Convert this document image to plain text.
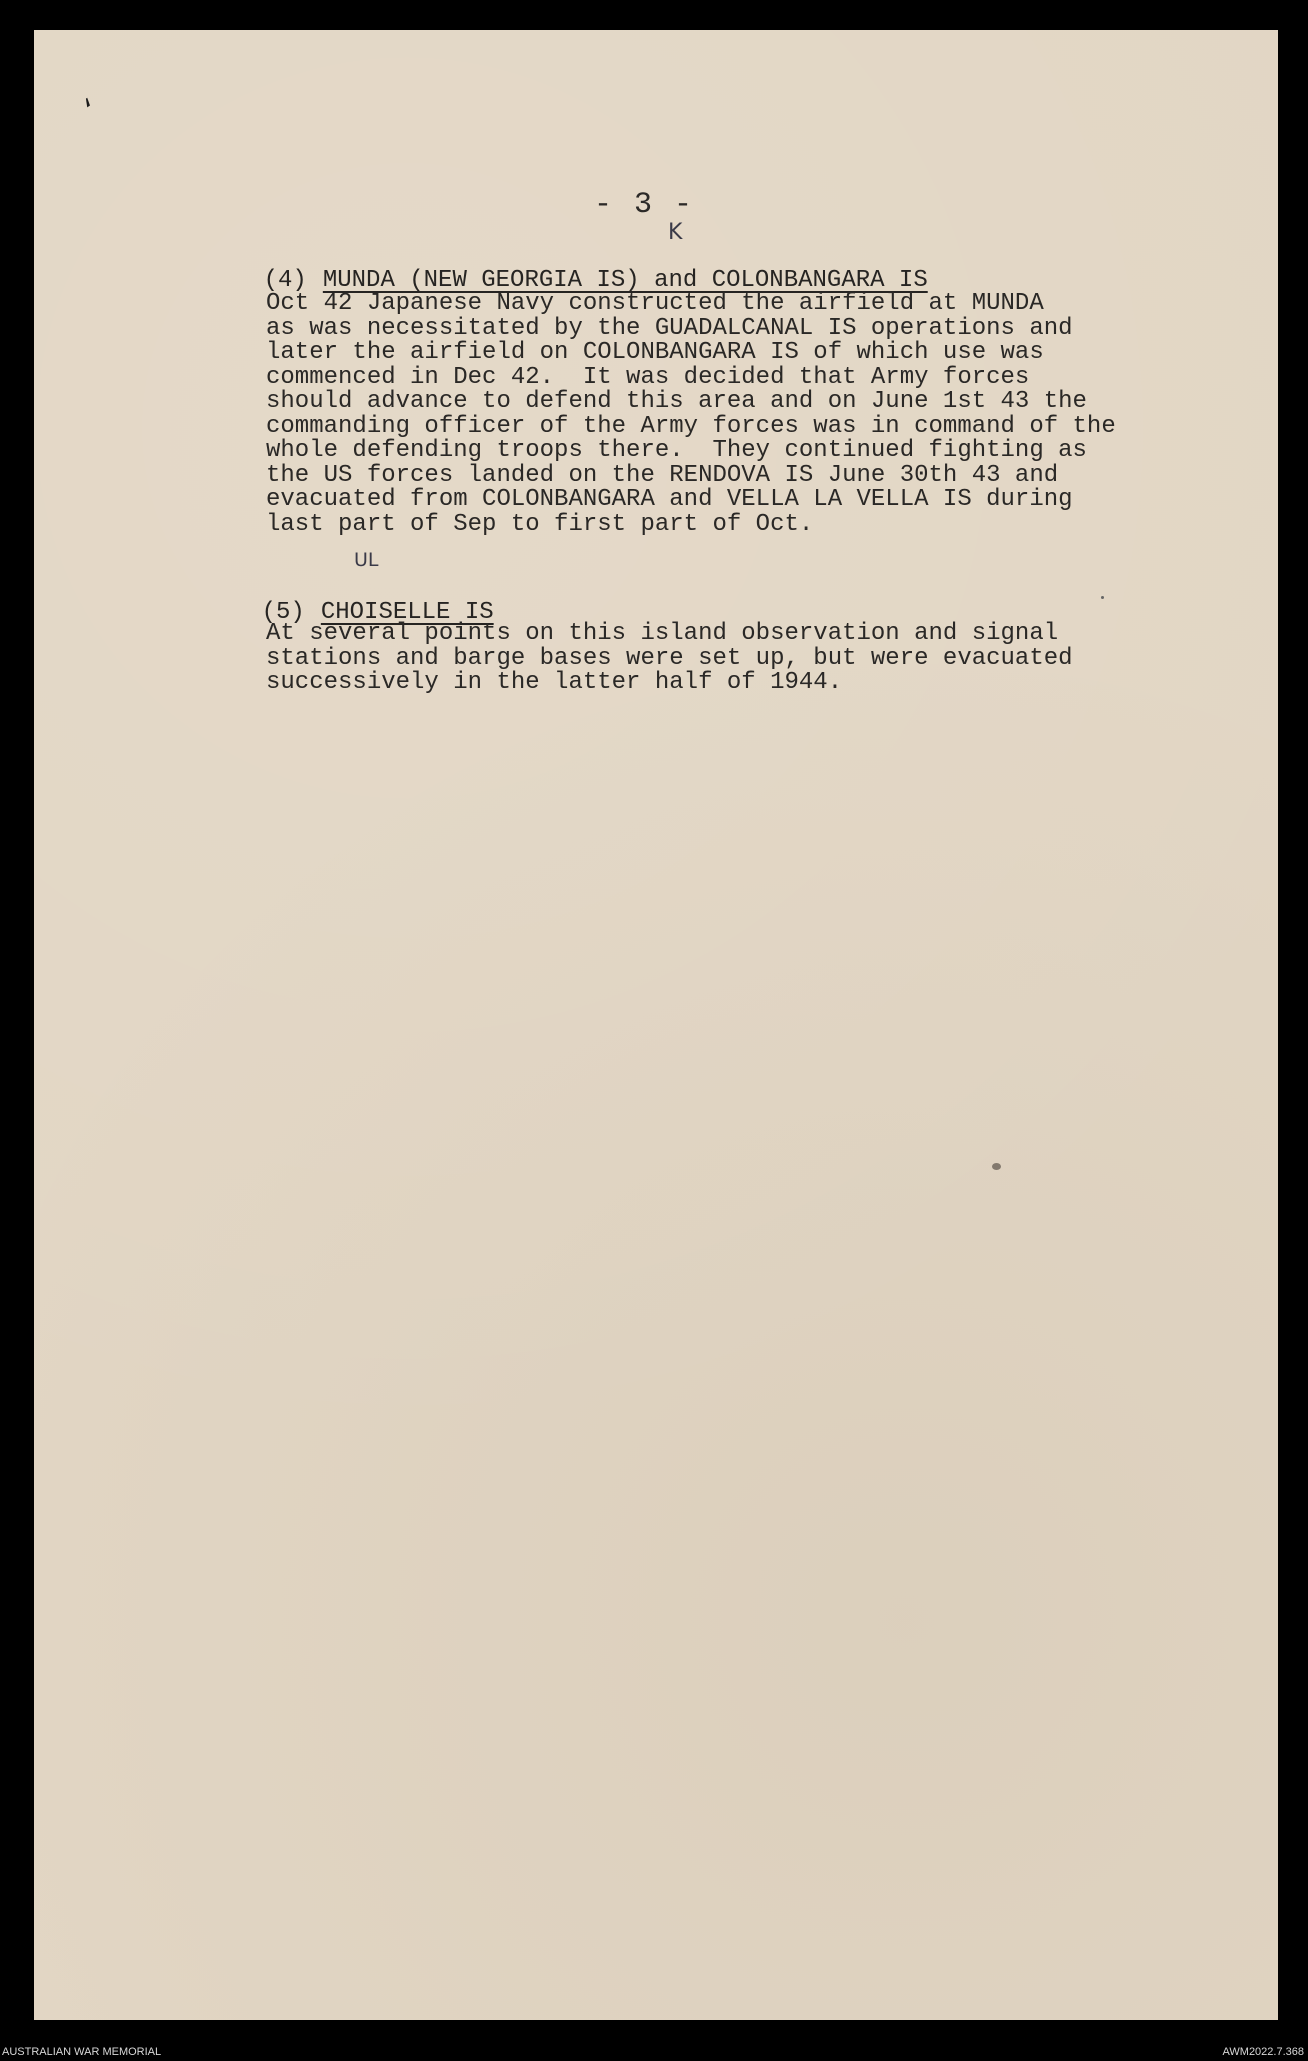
‘
- 3 -
K

(4) MUNDA (NEW GEORGIA IS) and COLONBANGARA IS

Oct 42 Japanese Navy constructed the airfield at MUNDA
as was necessitated by the GUADALCANAL IS operations and
later the airfield on COLONBANGARA IS of which use was
commenced in Dec 42.  It was decided that Army forces
should advance to defend this area and on June 1st 43 the
commanding officer of the Army forces was in command of the
whole defending troops there.  They continued fighting as
the US forces landed on the RENDOVA IS June 30th 43 and
evacuated from COLONBANGARA and VELLA LA VELLA IS during
last part of Sep to first part of Oct.
UL

(5) CHOISELLE IS

At several points on this island observation and signal
stations and barge bases were set up, but were evacuated
successively in the latter half of 1944.
AUSTRALIAN WAR MEMORIAL	AWM2022.7.368
